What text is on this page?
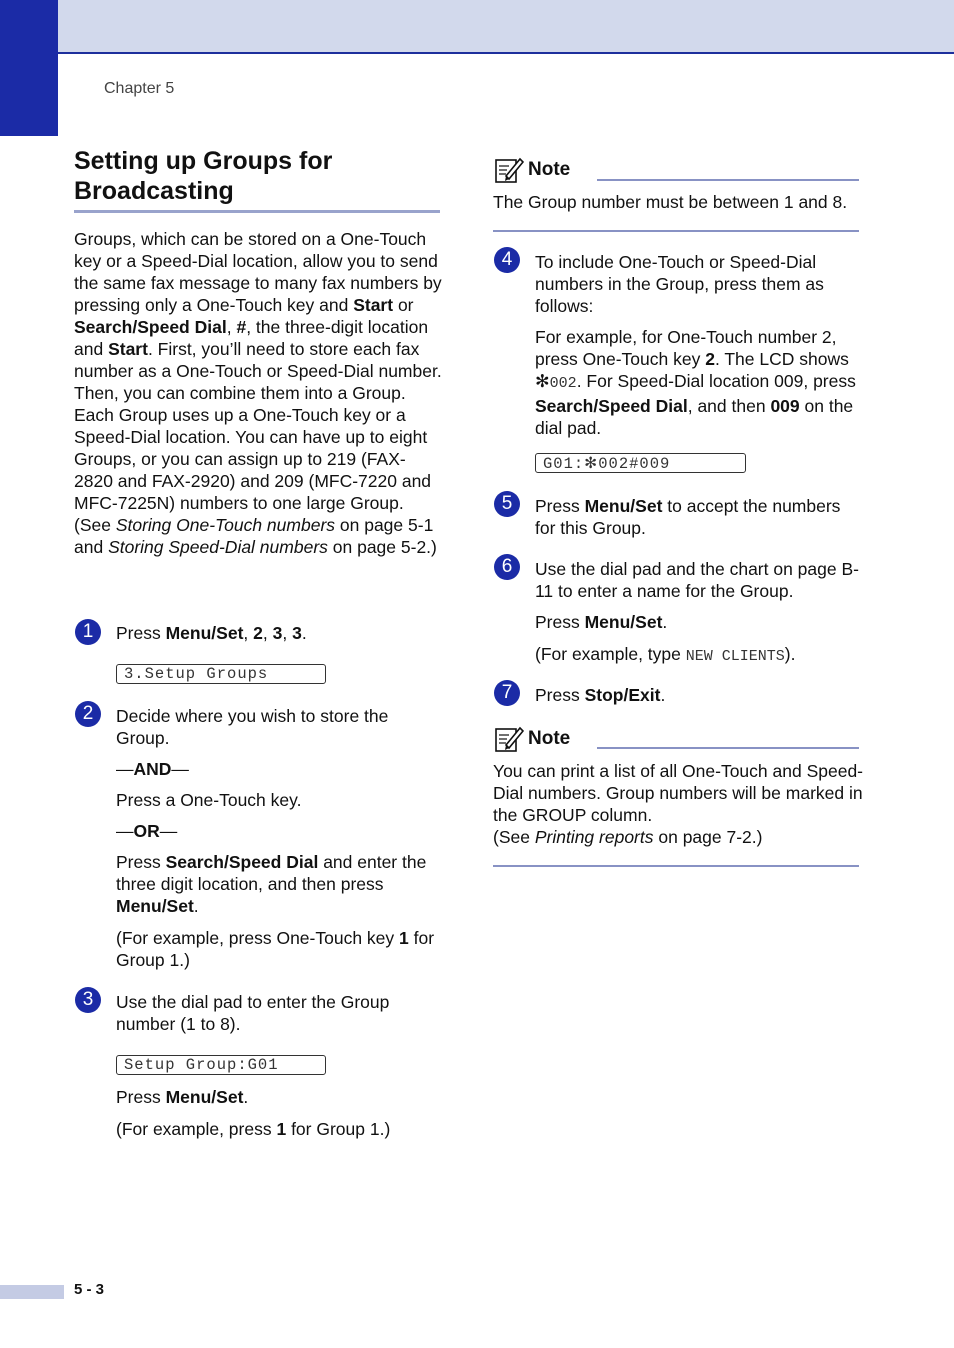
Chapter 5
Setting up Groups for Broadcasting

Groups, which can be stored on a One-Touch key or a Speed-Dial location, allow you to send the same fax message to many fax numbers by pressing only a One-Touch key and Start or Search/Speed Dial, #, the three-digit location and Start. First, you’ll need to store each fax number as a One-Touch or Speed-Dial number. Then, you can combine them into a Group. Each Group uses up a One-Touch key or a Speed-Dial location. You can have up to eight Groups, or you can assign up to 219 (FAX-2820 and FAX-2920) and 209 (MFC-7220 and MFC-7225N) numbers to one large Group. (See Storing One-Touch numbers on page 5-1 and Storing Speed-Dial numbers on page 5-2.)

1	Press Menu/Set, 2, 3, 3.

3.Setup Groups
2	Decide where you wish to store the Group.

—AND—

Press a One-Touch key.

—OR—

Press Search/Speed Dial and enter the three digit location, and then press Menu/Set.

(For example, press One-Touch key 1 for Group 1.)

3	Use the dial pad to enter the Group number (1 to 8).

Setup Group:G01

Press Menu/Set.

(For example, press 1 for Group 1.)

Note
The Group number must be between 1 and 8.
4	To include One-Touch or Speed-Dial numbers in the Group, press them as follows:

For example, for One-Touch number 2, press One-Touch key 2. The LCD shows ✻002. For Speed-Dial location 009, press Search/Speed Dial, and then 009 on the dial pad.

G01:✻002#009
5	Press Menu/Set to accept the numbers for this Group.

6	Use the dial pad and the chart on page B-11 to enter a name for the Group.

Press Menu/Set.

(For example, type NEW CLIENTS).

7	Press Stop/Exit.

Note

You can print a list of all One-Touch and Speed-Dial numbers. Group numbers will be marked in the GROUP column.

(See Printing reports on page 7-2.)

5 - 3
